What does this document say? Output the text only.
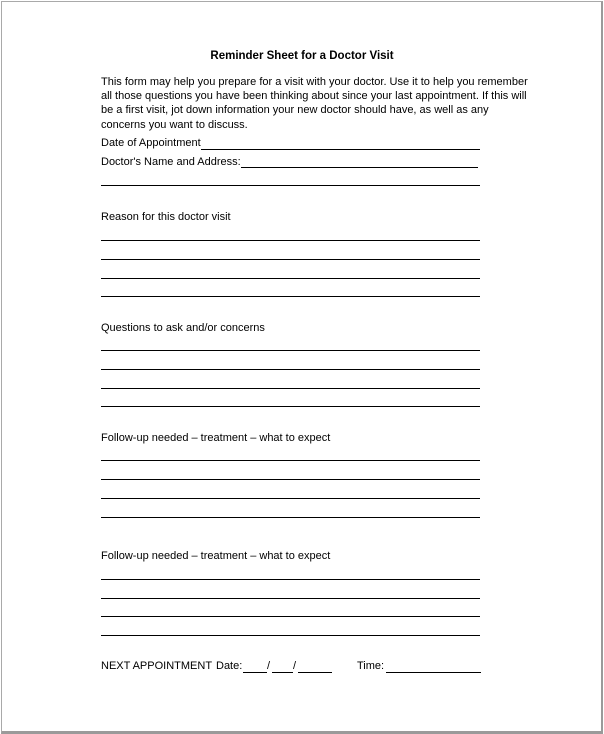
Reminder Sheet for a Doctor Visit
This form may help you prepare for a visit with your doctor. Use it to help you remember
all those questions you have been thinking about since your last appointment. If this will
be a first visit, jot down information your new doctor should have, as well as any
concerns you want to discuss.
Date of Appointment
Doctor's Name and Address:
Reason for this doctor visit
Questions to ask and/or concerns
Follow-up needed – treatment – what to expect
Follow-up needed – treatment – what to expect
NEXT APPOINTMENT Date: / /	Time:
